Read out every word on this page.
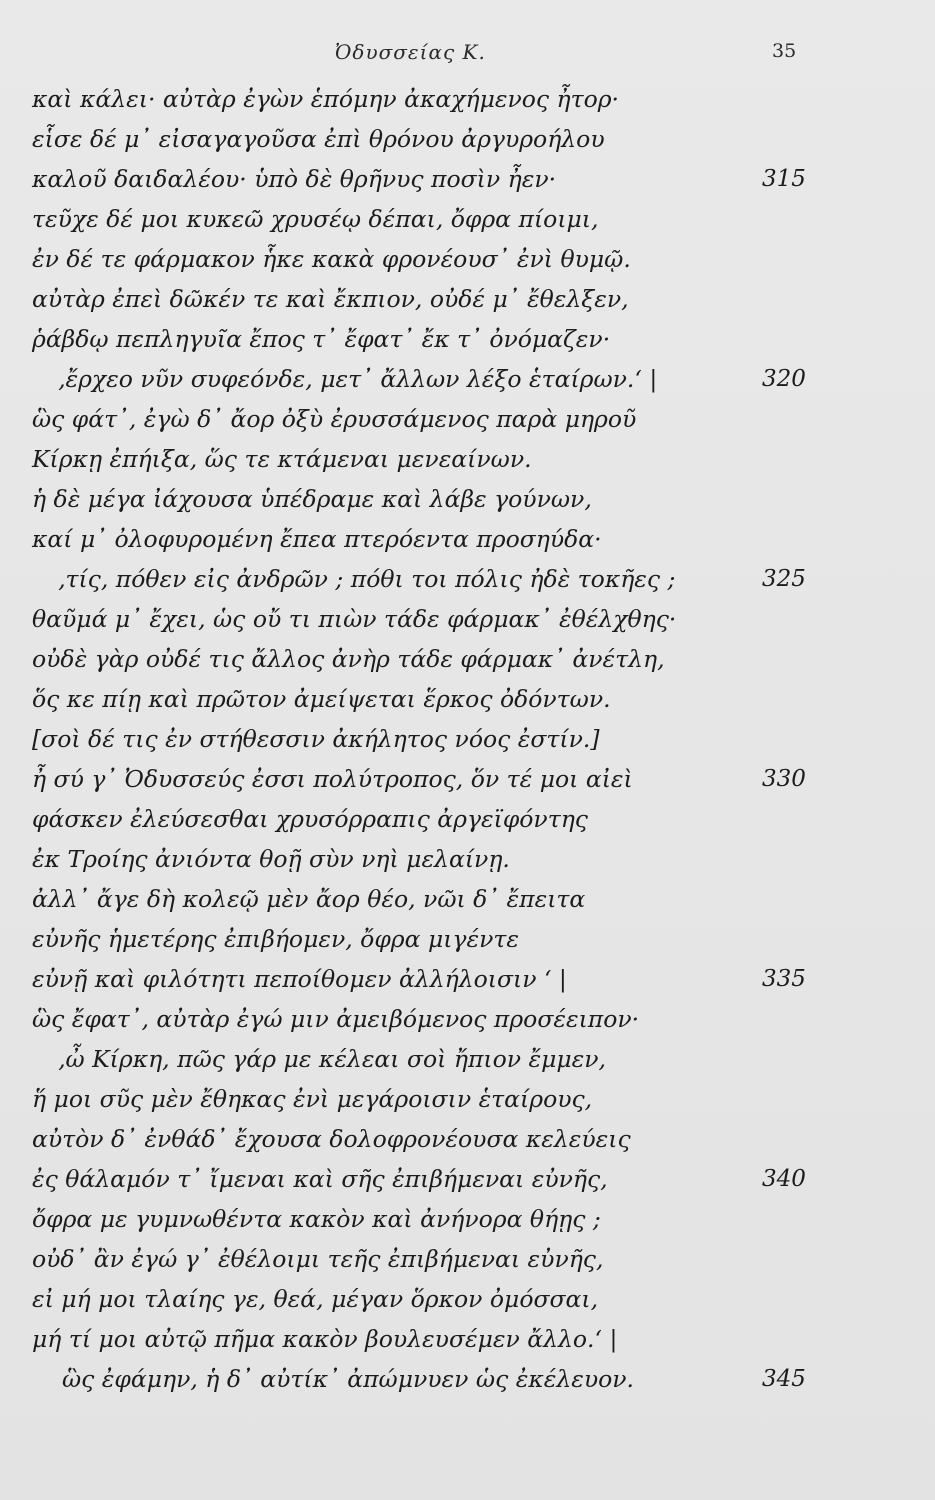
Ὀδυσσείας Κ.	35
καὶ κάλει· αὐτὰρ ἐγὼν ἑπόμην ἀκαχήμενος ἦτορ·
εἷσε δέ μ᾽ εἰσαγαγοῦσα ἐπὶ θρόνου ἀργυροήλου
καλοῦ δαιδαλέου· ὑπὸ δὲ θρῆνυς ποσὶν ἦεν·	315
τεῦχε δέ μοι κυκεῶ χρυσέῳ δέπαι, ὄφρα πίοιμι,
ἐν δέ τε φάρμακον ἧκε κακὰ φρονέουσ᾽ ἐνὶ θυμῷ.
αὐτὰρ ἐπεὶ δῶκέν τε καὶ ἔκπιον, οὐδέ μ᾽ ἔθελξεν,
ῥάβδῳ πεπληγυῖα ἔπος τ᾽ ἔφατ᾽ ἔκ τ᾽ ὀνόμαζεν·
‚ἔρχεο νῦν συφεόνδε, μετ᾽ ἄλλων λέξο ἑταίρων.‘ |	320
ὣς φάτ᾽, ἐγὼ δ᾽ ἄορ ὀξὺ ἐρυσσάμενος παρὰ μηροῦ
Κίρκῃ ἐπήιξα, ὥς τε κτάμεναι μενεαίνων.
ἡ δὲ μέγα ἰάχουσα ὑπέδραμε καὶ λάβε γούνων,
καί μ᾽ ὀλοφυρομένη ἔπεα πτερόεντα προσηύδα·
‚τίς, πόθεν εἰς ἀνδρῶν ; πόθι τοι πόλις ἠδὲ τοκῆες ;	325
θαῦμά μ᾽ ἔχει, ὡς οὔ τι πιὼν τάδε φάρμακ᾽ ἐθέλχθης·
οὐδὲ γὰρ οὐδέ τις ἄλλος ἀνὴρ τάδε φάρμακ᾽ ἀνέτλη,
ὅς κε πίῃ καὶ πρῶτον ἀμείψεται ἕρκος ὀδόντων.
[σοὶ δέ τις ἐν στήθεσσιν ἀκήλητος νόος ἐστίν.]
ἦ σύ γ᾽ Ὀδυσσεύς ἐσσι πολύτροπος, ὅν τέ μοι αἰεὶ	330
φάσκεν ἐλεύσεσθαι χρυσόρραπις ἀργεϊφόντης
ἐκ Τροίης ἀνιόντα θοῇ σὺν νηὶ μελαίνῃ.
ἀλλ᾽ ἄγε δὴ κολεῷ μὲν ἄορ θέο, νῶι δ᾽ ἔπειτα
εὐνῆς ἡμετέρης ἐπιβήομεν, ὄφρα μιγέντε
εὐνῇ καὶ φιλότητι πεποίθομεν ἀλλήλοισιν ‘ |	335
ὣς ἔφατ᾽, αὐτὰρ ἐγώ μιν ἀμειβόμενος προσέειπον·
‚ὦ Κίρκη, πῶς γάρ με κέλεαι σοὶ ἤπιον ἔμμεν,
ἥ μοι σῦς μὲν ἔθηκας ἐνὶ μεγάροισιν ἑταίρους,
αὐτὸν δ᾽ ἐνθάδ᾽ ἔχουσα δολοφρονέουσα κελεύεις
ἐς θάλαμόν τ᾽ ἴμεναι καὶ σῆς ἐπιβήμεναι εὐνῆς,	340
ὄφρα με γυμνωθέντα κακὸν καὶ ἀνήνορα θήῃς ;
οὐδ᾽ ἂν ἐγώ γ᾽ ἐθέλοιμι τεῆς ἐπιβήμεναι εὐνῆς,
εἰ μή μοι τλαίης γε, θεά, μέγαν ὅρκον ὀμόσσαι,
μή τί μοι αὐτῷ πῆμα κακὸν βουλευσέμεν ἄλλο.‘ |
ὣς ἐφάμην, ἡ δ᾽ αὐτίκ᾽ ἀπώμνυεν ὡς ἐκέλευον.	345
